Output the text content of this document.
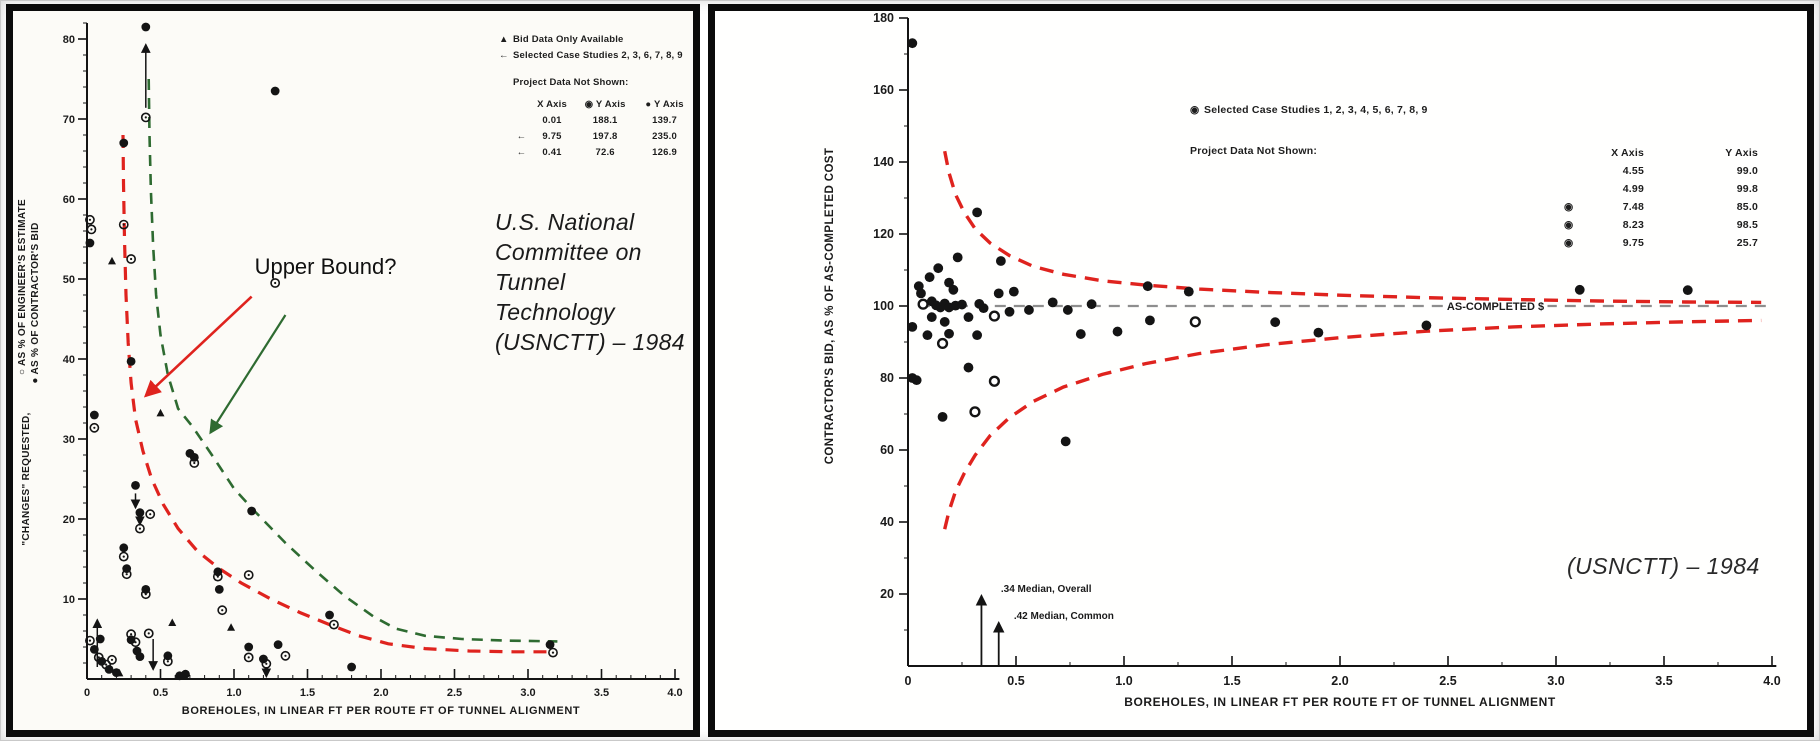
0	0.5	1.0	1.5	2.0	2.5	3.0	3.5	4.0
10
20
30
40
50
60
70
80
BOREHOLES, IN LINEAR FT PER ROUTE FT OF TUNNEL ALIGNMENT
Upper Bound?
"CHANGES" REQUESTED,
○ AS % OF ENGINEER'S ESTIMATE ● AS % OF CONTRACTOR'S BID
▲ Bid Data Only Available
← Selected Case Studies 2, 3, 6, 7, 8, 9
Project Data Not Shown:
	X Axis	◉ Y Axis	● Y Axis
	0.01	188.1	139.7
←	9.75	197.8	235.0
←	0.41	72.6	126.9
U.S. National
Committee on
Tunnel
Technology
(USNCTT) – 1984
0	0.5	1.0	1.5	2.0	2.5	3.0	3.5	4.0
20
40
60
80
100
120
140
160
180
BOREHOLES, IN LINEAR FT PER ROUTE FT OF TUNNEL ALIGNMENT
AS-COMPLETED $
.34 Median, Overall
.42 Median, Common
CONTRACTOR'S BID, AS % OF AS-COMPLETED COST
◉ Selected Case Studies 1, 2, 3, 4, 5, 6, 7, 8, 9
Project Data Not Shown:
		X Axis	Y Axis
	4.55	99.0
	4.99	99.8
◉	7.48	85.0
◉	8.23	98.5
◉	9.75	25.7
(USNCTT) – 1984
